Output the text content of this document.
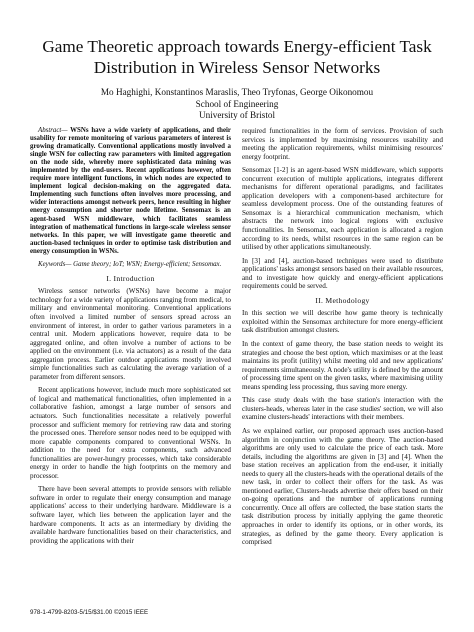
Game Theoretic approach towards Energy-efficient Task
Distribution in Wireless Sensor Networks
Mo Haghighi, Konstantinos Maraslis, Theo Tryfonas, George Oikonomou
School of Engineering
University of Bristol

Abstract— WSNs have a wide variety of applications, and their usability for remote monitoring of various parameters of interest is growing dramatically. Conventional applications mostly involved a single WSN for collecting raw parameters with limited aggregation on the node side, whereby more sophisticated data mining was implemented by the end-users. Recent applications however, often require more intelligent functions, in which nodes are expected to implement logical decision-making on the aggregated data. Implementing such functions often involves more processing, and wider interactions amongst network peers, hence resulting in higher energy consumption and shorter node lifetime. Sensomax is an agent-based WSN middleware, which facilitates seamless integration of mathematical functions in large-scale wireless sensor networks. In this paper, we will investigate game theoretic and auction-based techniques in order to optimise task distribution and energy consumption in WSNs.

Keywords— Game theory; IoT; WSN; Energy-efficient; Sensomax.

I. Introduction

Wireless sensor networks (WSNs) have become a major technology for a wide variety of applications ranging from medical, to military and environmental monitoring. Conventional applications often involved a limited number of sensors spread across an environment of interest, in order to gather various parameters in a central unit. Modern applications however, require data to be aggregated online, and often involve a number of actions to be applied on the environment (i.e. via actuators) as a result of the data aggregation process. Earlier outdoor applications mostly involved simple functionalities such as calculating the average variation of a parameter from different sensors.

Recent applications however, include much more sophisticated set of logical and mathematical functionalities, often implemented in a collaborative fashion, amongst a large number of sensors and actuators. Such functionalities necessitate a relatively powerful processor and sufficient memory for retrieving raw data and storing the processed ones. Therefore sensor nodes need to be equipped with more capable components compared to conventional WSNs. In addition to the need for extra components, such advanced functionalities are power-hungry processes, which take considerable energy in order to handle the high footprints on the memory and processor.

There have been several attempts to provide sensors with reliable software in order to regulate their energy consumption and manage applications' access to their underlying hardware. Middleware is a software layer, which lies between the application layer and the hardware components. It acts as an intermediary by dividing the available hardware functionalities based on their characteristics, and providing the applications with their

required functionalities in the form of services. Provision of such services is implemented by maximising resources usability and meeting the application requirements, whilst minimising resources' energy footprint.

Sensomax [1-2] is an agent-based WSN middleware, which supports concurrent execution of multiple applications, integrates different mechanisms for different operational paradigms, and facilitates application developers with a component-based architecture for seamless development process. One of the outstanding features of Sensomax is a hierarchical communication mechanism, which abstracts the network into logical regions with exclusive functionalities. In Sensomax, each application is allocated a region according to its needs, whilst resources in the same region can be utilised by other applications simultaneously.

In [3] and [4], auction-based techniques were used to distribute applications' tasks amongst sensors based on their available resources, and to investigate how quickly and energy-efficient applications requirements could be served.

II. Methodology

In this section we will describe how game theory is technically exploited within the Sensomax architecture for more energy-efficient task distribution amongst clusters.

In the context of game theory, the base station needs to weight its strategies and choose the best option, which maximises or at the least maintains its profit (utility) whilst meeting old and new applications' requirements simultaneously. A node's utility is defined by the amount of processing time spent on the given tasks, where maximising utility means spending less processing, thus saving more energy.

This case study deals with the base station's interaction with the clusters-heads, whereas later in the case studies' section, we will also examine clusters-heads' interactions with their members.

As we explained earlier, our proposed approach uses auction-based algorithm in conjunction with the game theory. The auction-based algorithms are only used to calculate the price of each task. More details, including the algorithms are given in [3] and [4]. When the base station receives an application from the end-user, it initially needs to query all the clusters-heads with the operational details of the new task, in order to collect their offers for the task. As was mentioned earlier, Clusters-heads advertise their offers based on their on-going operations and the number of applications running concurrently. Once all offers are collected, the base station starts the task distribution process by initially applying the game theoretic approaches in order to identify its options, or in other words, its strategies, as defined by the game theory. Every application is comprised

978-1-4799-8203-5/15/$31.00 ©2015 IEEE
